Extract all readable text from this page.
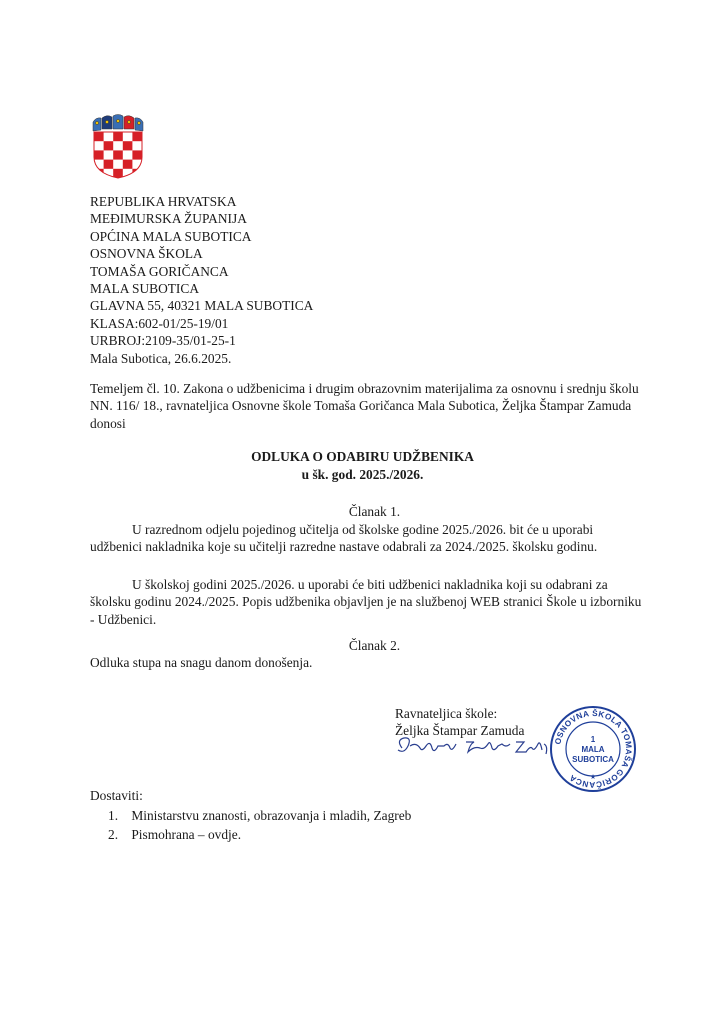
REPUBLIKA HRVATSKA
MEĐIMURSKA ŽUPANIJA
OPĆINA MALA SUBOTICA
OSNOVNA ŠKOLA
TOMAŠA GORIČANCA
MALA SUBOTICA
GLAVNA 55, 40321 MALA SUBOTICA
KLASA:602-01/25-19/01
URBROJ:2109-35/01-25-1
Mala Subotica, 26.6.2025.
Temeljem čl. 10. Zakona o udžbenicima i drugim obrazovnim materijalima za osnovnu i srednju školu NN. 116/ 18., ravnateljica Osnovne škole Tomaša Goričanca Mala Subotica, Željka Štampar Zamuda donosi
ODLUKA O ODABIRU UDŽBENIKA
u šk. god. 2025./2026.
Članak 1.
U razrednom odjelu pojedinog učitelja od školske godine 2025./2026. bit će u uporabi udžbenici nakladnika koje su učitelji razredne nastave odabrali za 2024./2025. školsku godinu.
U školskoj godini 2025./2026. u uporabi će biti udžbenici nakladnika koji su odabrani za školsku godinu 2024./2025. Popis udžbenika objavljen je na službenoj WEB stranici Škole u izborniku - Udžbenici.
Članak 2.
Odluka stupa na snagu danom donošenja.
Ravnateljica škole:
Željka Štampar Zamuda
OSNOVNA ŠKOLA TOMAŠA GORIČANCA	★
1
MALA
SUBOTICA
Dostaviti:
1. Ministarstvu znanosti, obrazovanja i mladih, Zagreb
2. Pismohrana – ovdje.
